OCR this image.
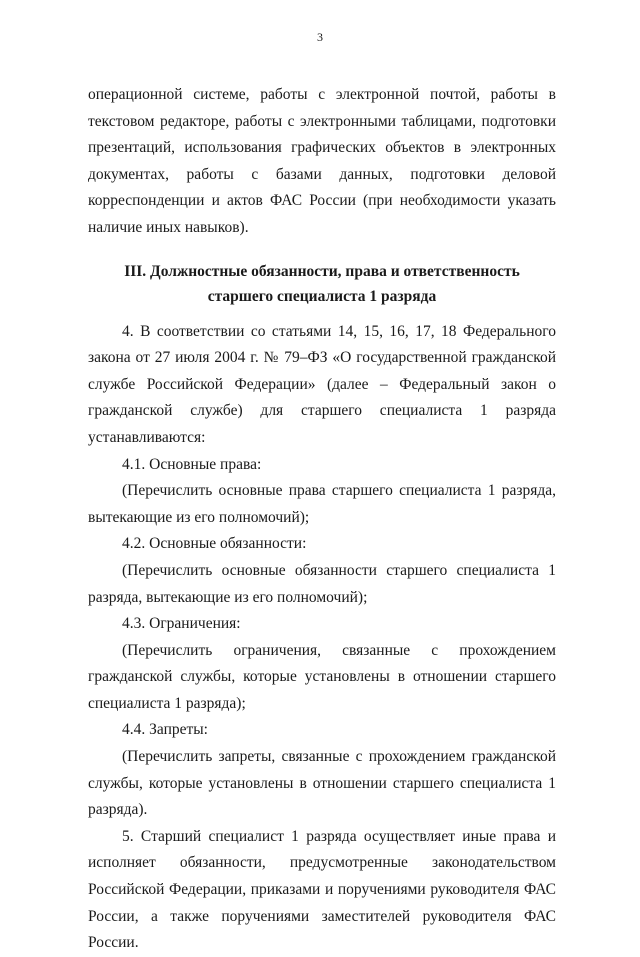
3

операционной системе, работы с электронной почтой, работы в текстовом редакторе, работы с электронными таблицами, подготовки презентаций, использования графических объектов в электронных документах, работы с базами данных, подготовки деловой корреспонденции и актов ФАС России (при необходимости указать наличие иных навыков).

III. Должностные обязанности, права и ответственность
старшего специалиста 1 разряда

4. В соответствии со статьями 14, 15, 16, 17, 18 Федерального закона от 27 июля 2004 г. № 79–ФЗ «О государственной гражданской службе Российской Федерации» (далее – Федеральный закон о гражданской службе) для старшего специалиста 1 разряда устанавливаются:

4.1. Основные права:

(Перечислить основные права старшего специалиста 1 разряда, вытекающие из его полномочий);

4.2. Основные обязанности:

(Перечислить основные обязанности старшего специалиста 1 разряда, вытекающие из его полномочий);

4.3. Ограничения:

(Перечислить ограничения, связанные с прохождением гражданской службы, которые установлены в отношении старшего специалиста 1 разряда);

4.4. Запреты:

(Перечислить запреты, связанные с прохождением гражданской службы, которые установлены в отношении старшего специалиста 1 разряда).

5. Старший специалист 1 разряда осуществляет иные права и исполняет обязанности, предусмотренные законодательством Российской Федерации, приказами и поручениями руководителя ФАС России, а также поручениями заместителей руководителя ФАС России.
